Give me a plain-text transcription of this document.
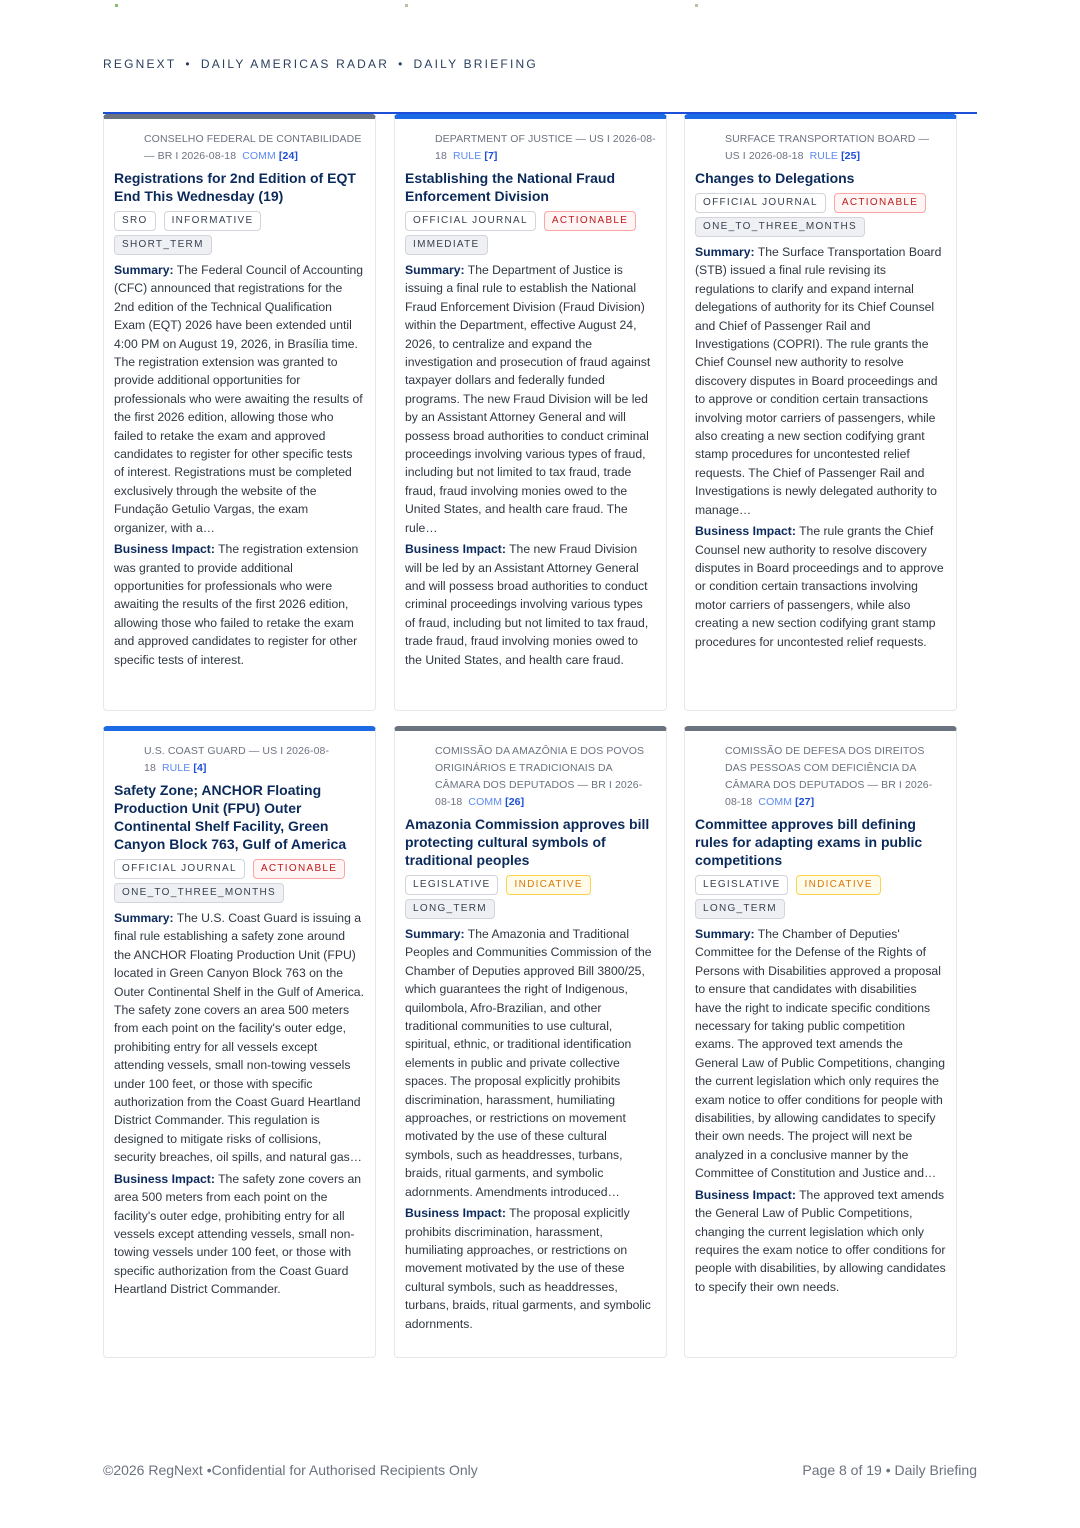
REGNEXT • DAILY AMERICAS RADAR • DAILY BRIEFING
CONSELHO FEDERAL DE CONTABILIDADE — BR I 2026-08-18 COMM [24]
Registrations for 2nd Edition of EQT End This Wednesday (19)
SRO	INFORMATIVE
SHORT_TERM
Summary: The Federal Council of Accounting (CFC) announced that registrations for the 2nd edition of the Technical Qualification Exam (EQT) 2026 have been extended until 4:00 PM on August 19, 2026, in Brasília time. The registration extension was granted to provide additional opportunities for professionals who were awaiting the results of the first 2026 edition, allowing those who failed to retake the exam and approved candidates to register for other specific tests of interest. Registrations must be completed exclusively through the website of the Fundação Getulio Vargas, the exam organizer, with a…
Business Impact: The registration extension was granted to provide additional opportunities for professionals who were awaiting the results of the first 2026 edition, allowing those who failed to retake the exam and approved candidates to register for other specific tests of interest.
DEPARTMENT OF JUSTICE — US I 2026-08-18 RULE [7]
Establishing the National Fraud Enforcement Division
OFFICIAL JOURNAL	ACTIONABLE
IMMEDIATE
Summary: The Department of Justice is issuing a final rule to establish the National Fraud Enforcement Division (Fraud Division) within the Department, effective August 24, 2026, to centralize and expand the investigation and prosecution of fraud against taxpayer dollars and federally funded programs. The new Fraud Division will be led by an Assistant Attorney General and will possess broad authorities to conduct criminal proceedings involving various types of fraud, including but not limited to tax fraud, trade fraud, fraud involving monies owed to the United States, and health care fraud. The rule…
Business Impact: The new Fraud Division will be led by an Assistant Attorney General and will possess broad authorities to conduct criminal proceedings involving various types of fraud, including but not limited to tax fraud, trade fraud, fraud involving monies owed to the United States, and health care fraud.
SURFACE TRANSPORTATION BOARD — US I 2026-08-18 RULE [25]
Changes to Delegations
OFFICIAL JOURNAL	ACTIONABLE
ONE_TO_THREE_MONTHS
Summary: The Surface Transportation Board (STB) issued a final rule revising its regulations to clarify and expand internal delegations of authority for its Chief Counsel and Chief of Passenger Rail and Investigations (COPRI). The rule grants the Chief Counsel new authority to resolve discovery disputes in Board proceedings and to approve or condition certain transactions involving motor carriers of passengers, while also creating a new section codifying grant stamp procedures for uncontested relief requests. The Chief of Passenger Rail and Investigations is newly delegated authority to manage…
Business Impact: The rule grants the Chief Counsel new authority to resolve discovery disputes in Board proceedings and to approve or condition certain transactions involving motor carriers of passengers, while also creating a new section codifying grant stamp procedures for uncontested relief requests.
U.S. COAST GUARD — US I 2026-08-18 RULE [4]
Safety Zone; ANCHOR Floating Production Unit (FPU) Outer Continental Shelf Facility, Green Canyon Block 763, Gulf of America
OFFICIAL JOURNAL	ACTIONABLE
ONE_TO_THREE_MONTHS
Summary: The U.S. Coast Guard is issuing a final rule establishing a safety zone around the ANCHOR Floating Production Unit (FPU) located in Green Canyon Block 763 on the Outer Continental Shelf in the Gulf of America. The safety zone covers an area 500 meters from each point on the facility's outer edge, prohibiting entry for all vessels except attending vessels, small non-towing vessels under 100 feet, or those with specific authorization from the Coast Guard Heartland District Commander. This regulation is designed to mitigate risks of collisions, security breaches, oil spills, and natural gas…
Business Impact: The safety zone covers an area 500 meters from each point on the facility's outer edge, prohibiting entry for all vessels except attending vessels, small non-towing vessels under 100 feet, or those with specific authorization from the Coast Guard Heartland District Commander.
COMISSÃO DA AMAZÔNIA E DOS POVOS ORIGINÁRIOS E TRADICIONAIS DA CÂMARA DOS DEPUTADOS — BR I 2026-08-18 COMM [26]
Amazonia Commission approves bill protecting cultural symbols of traditional peoples
LEGISLATIVE	INDICATIVE
LONG_TERM
Summary: The Amazonia and Traditional Peoples and Communities Commission of the Chamber of Deputies approved Bill 3800/25, which guarantees the right of Indigenous, quilombola, Afro-Brazilian, and other traditional communities to use cultural, spiritual, ethnic, or traditional identification elements in public and private collective spaces. The proposal explicitly prohibits discrimination, harassment, humiliating approaches, or restrictions on movement motivated by the use of these cultural symbols, such as headdresses, turbans, braids, ritual garments, and symbolic adornments. Amendments introduced…
Business Impact: The proposal explicitly prohibits discrimination, harassment, humiliating approaches, or restrictions on movement motivated by the use of these cultural symbols, such as headdresses, turbans, braids, ritual garments, and symbolic adornments.
COMISSÃO DE DEFESA DOS DIREITOS DAS PESSOAS COM DEFICIÊNCIA DA CÂMARA DOS DEPUTADOS — BR I 2026-08-18 COMM [27]
Committee approves bill defining rules for adapting exams in public competitions
LEGISLATIVE	INDICATIVE
LONG_TERM
Summary: The Chamber of Deputies' Committee for the Defense of the Rights of Persons with Disabilities approved a proposal to ensure that candidates with disabilities have the right to indicate specific conditions necessary for taking public competition exams. The approved text amends the General Law of Public Competitions, changing the current legislation which only requires the exam notice to offer conditions for people with disabilities, by allowing candidates to specify their own needs. The project will next be analyzed in a conclusive manner by the Committee of Constitution and Justice and…
Business Impact: The approved text amends the General Law of Public Competitions, changing the current legislation which only requires the exam notice to offer conditions for people with disabilities, by allowing candidates to specify their own needs.
©2026 RegNext •Confidential for Authorised Recipients Only	Page 8 of 19 • Daily Briefing
